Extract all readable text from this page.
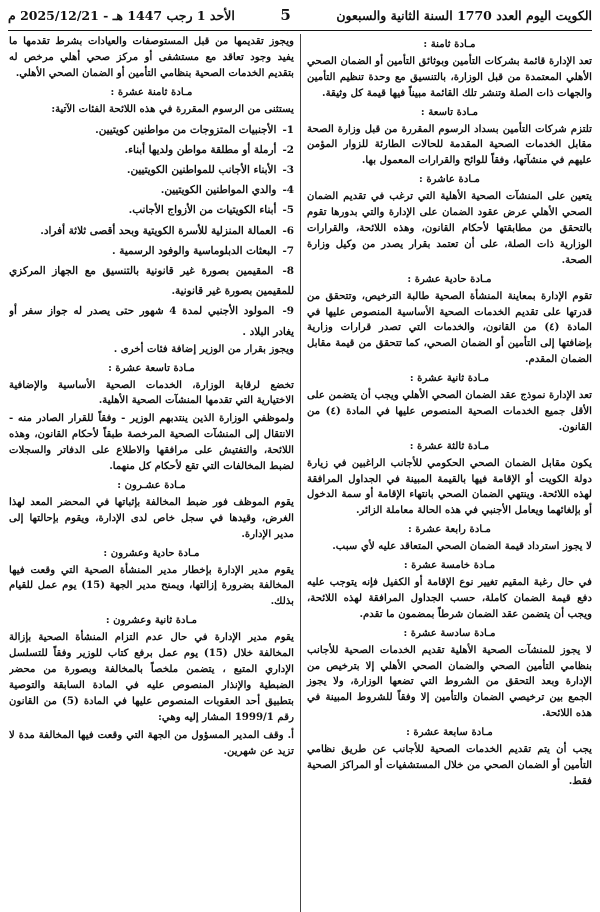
الكويت اليوم العدد 1770 السنة الثانية والسبعون
5
الأحد 1 رجب 1447 هـ - 2025/12/21 م
مـادة ثامنة :

تعد الإدارة قائمة بشركات التأمين وبوثائق التأمين أو الضمان الصحي الأهلي المعتمدة من قبل الوزارة، بالتنسيق مع وحدة تنظيم التأمين والجهات ذات الصلة وتنشر تلك القائمة مبيناً فيها قيمة كل وثيقة.

مـادة تاسعة :

تلتزم شركات التأمين بسداد الرسوم المقررة من قبل وزارة الصحة مقابل الخدمات الصحية المقدمة للحالات الطارئة للزوار المؤمن عليهم في منشآتها، وفقاً للوائح والقرارات المعمول بها.

مـادة عاشرة :

يتعين على المنشآت الصحية الأهلية التي ترغب في تقديم الضمان الصحي الأهلي عرض عقود الضمان على الإدارة والتي بدورها تقوم بالتحقق من مطابقتها لأحكام القانون، وهذه اللائحة، والقرارات الوزارية ذات الصلة، على أن تعتمد بقرار يصدر من وكيل وزارة الصحة.

مـادة حادية عشرة :

تقوم الإدارة بمعاينة المنشأة الصحية طالبة الترخيص، وتتحقق من قدرتها على تقديم الخدمات الصحية الأساسية المنصوص عليها في المادة (٤) من القانون، والخدمات التي تصدر قرارات وزارية بإضافتها إلى التأمين أو الضمان الصحي، كما تتحقق من قيمة مقابل الضمان المقدم.

مـادة ثانية عشرة :

تعد الإدارة نموذج عقد الضمان الصحي الأهلي ويجب أن يتضمن على الأقل جميع الخدمات الصحية المنصوص عليها في المادة (٤) من القانون.

مـادة ثالثة عشرة :

يكون مقابل الضمان الصحي الحكومي للأجانب الراغبين في زيارة دولة الكويت أو الإقامة فيها بالقيمة المبينة في الجداول المرافقة لهذه اللائحة. وينتهي الضمان الصحي بانتهاء الإقامة أو سمة الدخول أو بإلغائهما ويعامل الأجنبي في هذه الحالة معاملة الزائر.

مـادة رابعة عشرة :

لا يجوز استرداد قيمة الضمان الصحي المتعاقد عليه لأي سبب.

مـادة خامسة عشرة :

في حال رغبة المقيم تغيير نوع الإقامة أو الكفيل فإنه يتوجب عليه دفع قيمة الضمان كاملة، حسب الجداول المرافقة لهذه اللائحة، ويجب أن يتضمن عقد الضمان شرطاً بمضمون ما تقدم.

مـادة سادسة عشرة :

لا يجوز للمنشآت الصحية الأهلية تقديم الخدمات الصحية للأجانب بنظامي التأمين الصحي والضمان الصحي الأهلي إلا بترخيص من الإدارة وبعد التحقق من الشروط التي تضعها الوزارة، ولا يجوز الجمع بين ترخيصي الضمان والتأمين إلا وفقاً للشروط المبينة في هذه اللائحة.

مـادة سابعة عشرة :

يجب أن يتم تقديم الخدمات الصحية للأجانب عن طريق نظامي التأمين أو الضمان الصحي من خلال المستشفيات أو المراكز الصحية فقط.

ويجوز تقديمها من قبل المستوصفات والعيادات بشرط تقدمها ما يفيد وجود تعاقد مع مستشفى أو مركز صحي أهلي مرخص له بتقديم الخدمات الصحية بنظامي التأمين أو الضمان الصحي الأهلي.

مـادة ثامنة عشرة :

يستثنى من الرسوم المقررة في هذه اللائحة الفئات الآتية:

1- الأجنبيات المتزوجات من مواطنين كويتيين.

2- أرملة أو مطلقة مواطن ولديها أبناء.

3- الأبناء الأجانب للمواطنين الكويتيين.

4- والدي المواطنين الكويتيين.

5- أبناء الكويتيات من الأزواج الأجانب.

6- العمالة المنزلية للأسرة الكويتية وبحد أقصى ثلاثة أفراد.

7- البعثات الدبلوماسية والوفود الرسمية .

8- المقيمين بصورة غير قانونية بالتنسيق مع الجهاز المركزي للمقيمين بصورة غير قانونية.

9- المولود الأجنبي لمدة 4 شهور حتى يصدر له جواز سفر أو يغادر البلاد .

ويجوز بقرار من الوزير إضافة فئات أخرى .

مـادة تاسعة عشرة :

تخضع لرقابة الوزارة، الخدمات الصحية الأساسية والإضافية الاختيارية التي تقدمها المنشآت الصحية الأهلية.

ولموظفي الوزارة الذين ينتدبهم الوزير - وفقاً للقرار الصادر منه - الانتقال إلى المنشآت الصحية المرخصة طبقاً لأحكام القانون، وهذه اللائحة، والتفتيش على مرافقها والاطلاع على الدفاتر والسجلات لضبط المخالفات التي تقع لأحكام كل منهما.

مـادة عشـرون :

يقوم الموظف فور ضبط المخالفة بإثباتها في المحضر المعد لهذا الغرض، وقيدها في سجل خاص لدى الإدارة، ويقوم بإحالتها إلى مدير الإدارة.

مـادة حادية وعشرون :

يقوم مدير الإدارة بإخطار مدير المنشأة الصحية التي وقعت فيها المخالفة بضرورة إزالتها، ويمنح مدير الجهة (15) يوم عمل للقيام بذلك.

مـادة ثانية وعشرون :

يقوم مدير الإدارة في حال عدم التزام المنشأة الصحية بإزالة المخالفة خلال (15) يوم عمل برفع كتاب للوزير وفقاً للتسلسل الإداري المتبع ، يتضمن ملخصاً بالمخالفة وبصورة من محضر الضبطية والإنذار المنصوص عليه في المادة السابقة والتوصية بتطبيق أحد العقوبات المنصوص عليها في المادة (5) من القانون رقم 1999/1 المشار إليه وهي:

أ. وقف المدير المسؤول من الجهة التي وقعت فيها المخالفة مدة لا تزيد عن شهرين.
